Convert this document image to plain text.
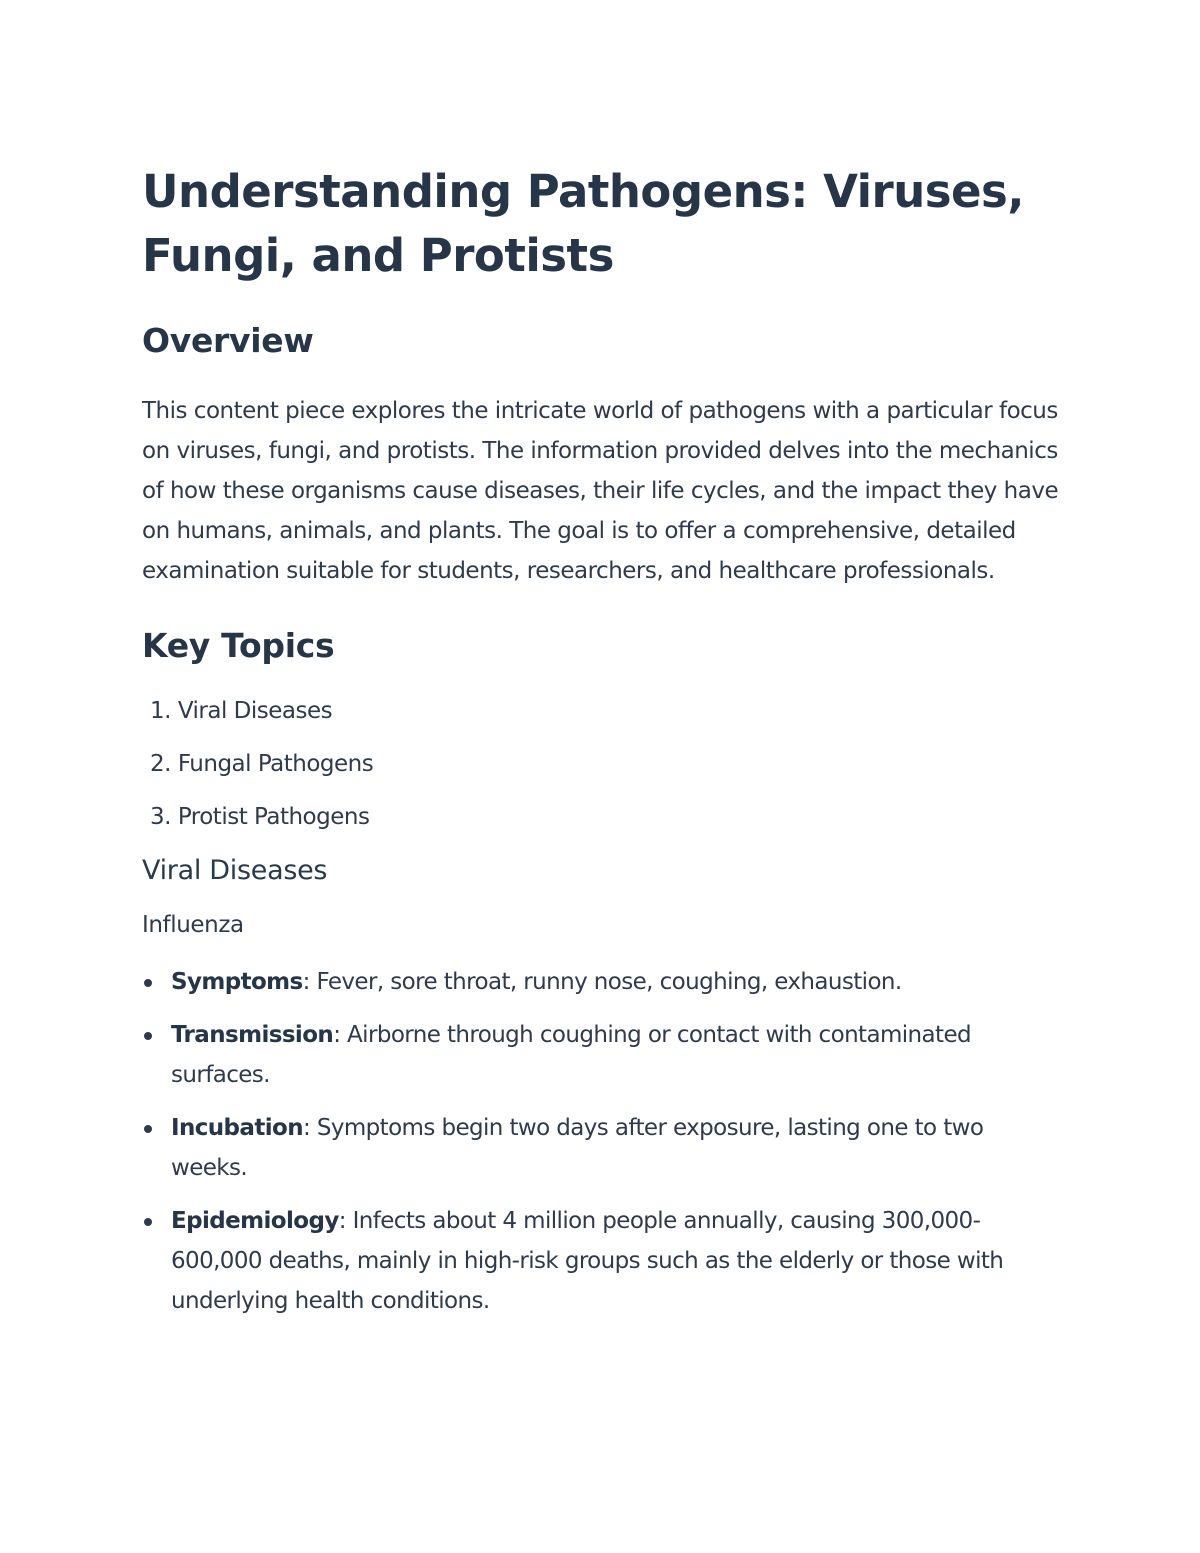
Understanding Pathogens: Viruses, Fungi, and Protists
Overview

This content piece explores the intricate world of pathogens with a particular focus on viruses, fungi, and protists. The information provided delves into the mechanics of how these organisms cause diseases, their life cycles, and the impact they have on humans, animals, and plants. The goal is to offer a comprehensive, detailed examination suitable for students, researchers, and healthcare professionals.

Key Topics
1. Viral Diseases
2. Fungal Pathogens
3. Protist Pathogens
Viral Diseases
Influenza
Symptoms: Fever, sore throat, runny nose, coughing, exhaustion.
Transmission: Airborne through coughing or contact with contaminated surfaces.
Incubation: Symptoms begin two days after exposure, lasting one to two weeks.
Epidemiology: Infects about 4 million people annually, causing 300,000-600,000 deaths, mainly in high-risk groups such as the elderly or those with underlying health conditions.
